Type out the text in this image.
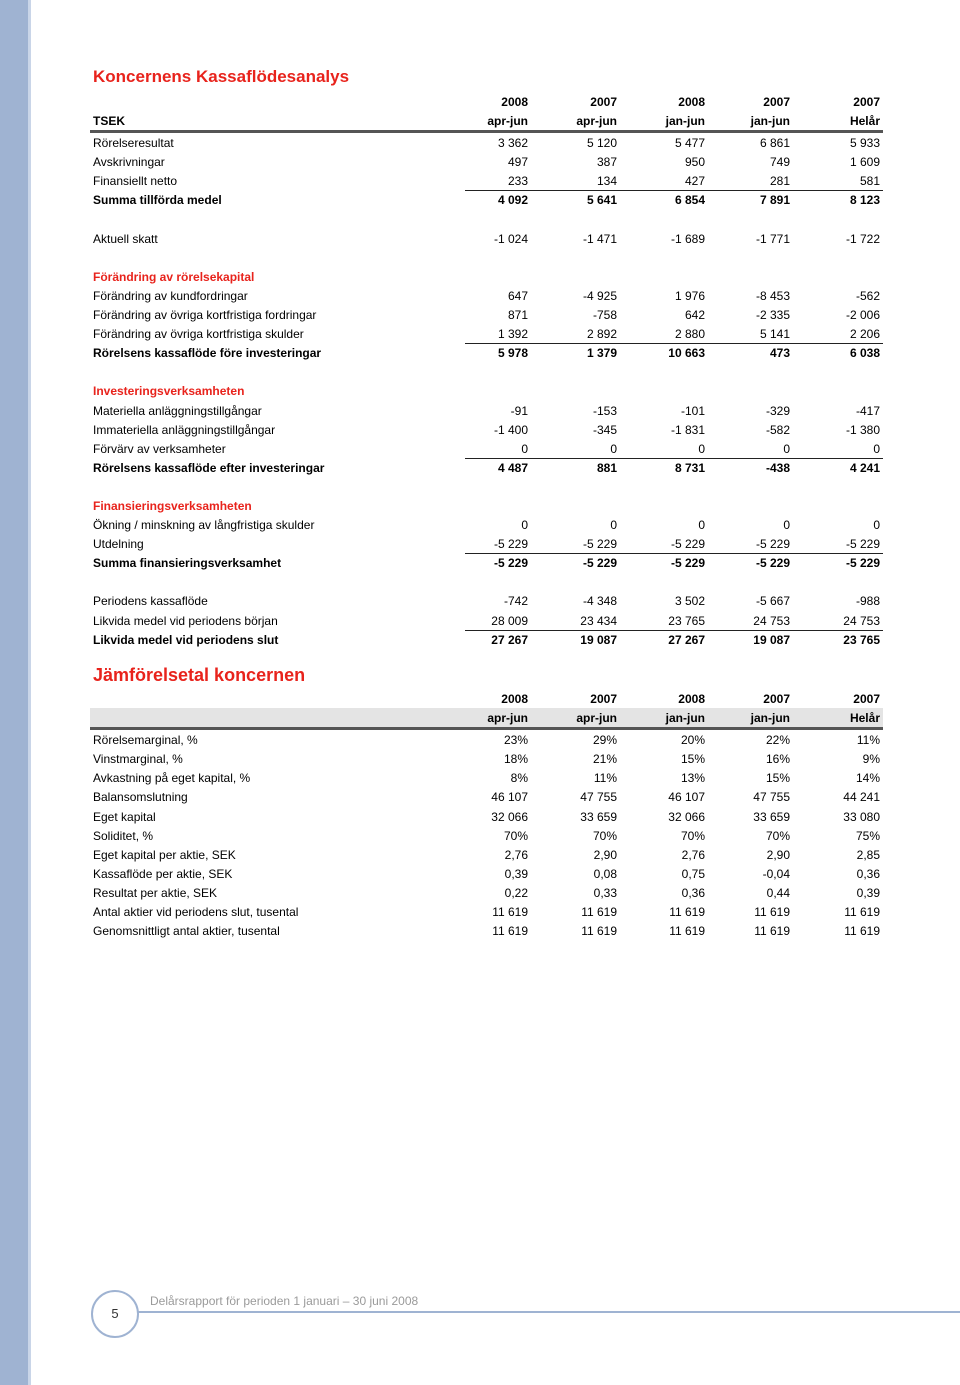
Koncernens Kassaflödesanalys
2008	2007	2008	2007	2007
TSEK	apr-jun	apr-jun	jan-jun	jan-jun	Helår
Rörelseresultat	3 362	5 120	5 477	6 861	5 933
Avskrivningar	497	387	950	749	1 609
Finansiellt netto	233	134	427	281	581
Summa tillförda medel	4 092	5 641	6 854	7 891	8 123
Aktuell skatt	-1 024	-1 471	-1 689	-1 771	-1 722
Förändring av rörelsekapital
Förändring av kundfordringar	647	-4 925	1 976	-8 453	-562
Förändring av övriga kortfristiga fordringar	871	-758	642	-2 335	-2 006
Förändring av övriga kortfristiga skulder	1 392	2 892	2 880	5 141	2 206
Rörelsens kassaflöde före investeringar	5 978	1 379	10 663	473	6 038
Investeringsverksamheten
Materiella anläggningstillgångar	-91	-153	-101	-329	-417
Immateriella anläggningstillgångar	-1 400	-345	-1 831	-582	-1 380
Förvärv av verksamheter	0	0	0	0	0
Rörelsens kassaflöde efter investeringar	4 487	881	8 731	-438	4 241
Finansieringsverksamheten
Ökning / minskning av långfristiga skulder	0	0	0	0	0
Utdelning	-5 229	-5 229	-5 229	-5 229	-5 229
Summa finansieringsverksamhet	-5 229	-5 229	-5 229	-5 229	-5 229
Periodens kassaflöde	-742	-4 348	3 502	-5 667	-988
Likvida medel vid periodens början	28 009	23 434	23 765	24 753	24 753
Likvida medel vid periodens slut	27 267	19 087	27 267	19 087	23 765
Jämförelsetal koncernen
2008	2007	2008	2007	2007
apr-jun	apr-jun	jan-jun	jan-jun	Helår
Rörelsemarginal, %	23%	29%	20%	22%	11%
Vinstmarginal, %	18%	21%	15%	16%	9%
Avkastning på eget kapital, %	8%	11%	13%	15%	14%
Balansomslutning	46 107	47 755	46 107	47 755	44 241
Eget kapital	32 066	33 659	32 066	33 659	33 080
Soliditet, %	70%	70%	70%	70%	75%
Eget kapital per aktie, SEK	2,76	2,90	2,76	2,90	2,85
Kassaflöde per aktie, SEK	0,39	0,08	0,75	-0,04	0,36
Resultat per aktie, SEK	0,22	0,33	0,36	0,44	0,39
Antal aktier vid periodens slut, tusental	11 619	11 619	11 619	11 619	11 619
Genomsnittligt antal aktier, tusental	11 619	11 619	11 619	11 619	11 619
5
Delårsrapport för perioden 1 januari – 30 juni 2008
